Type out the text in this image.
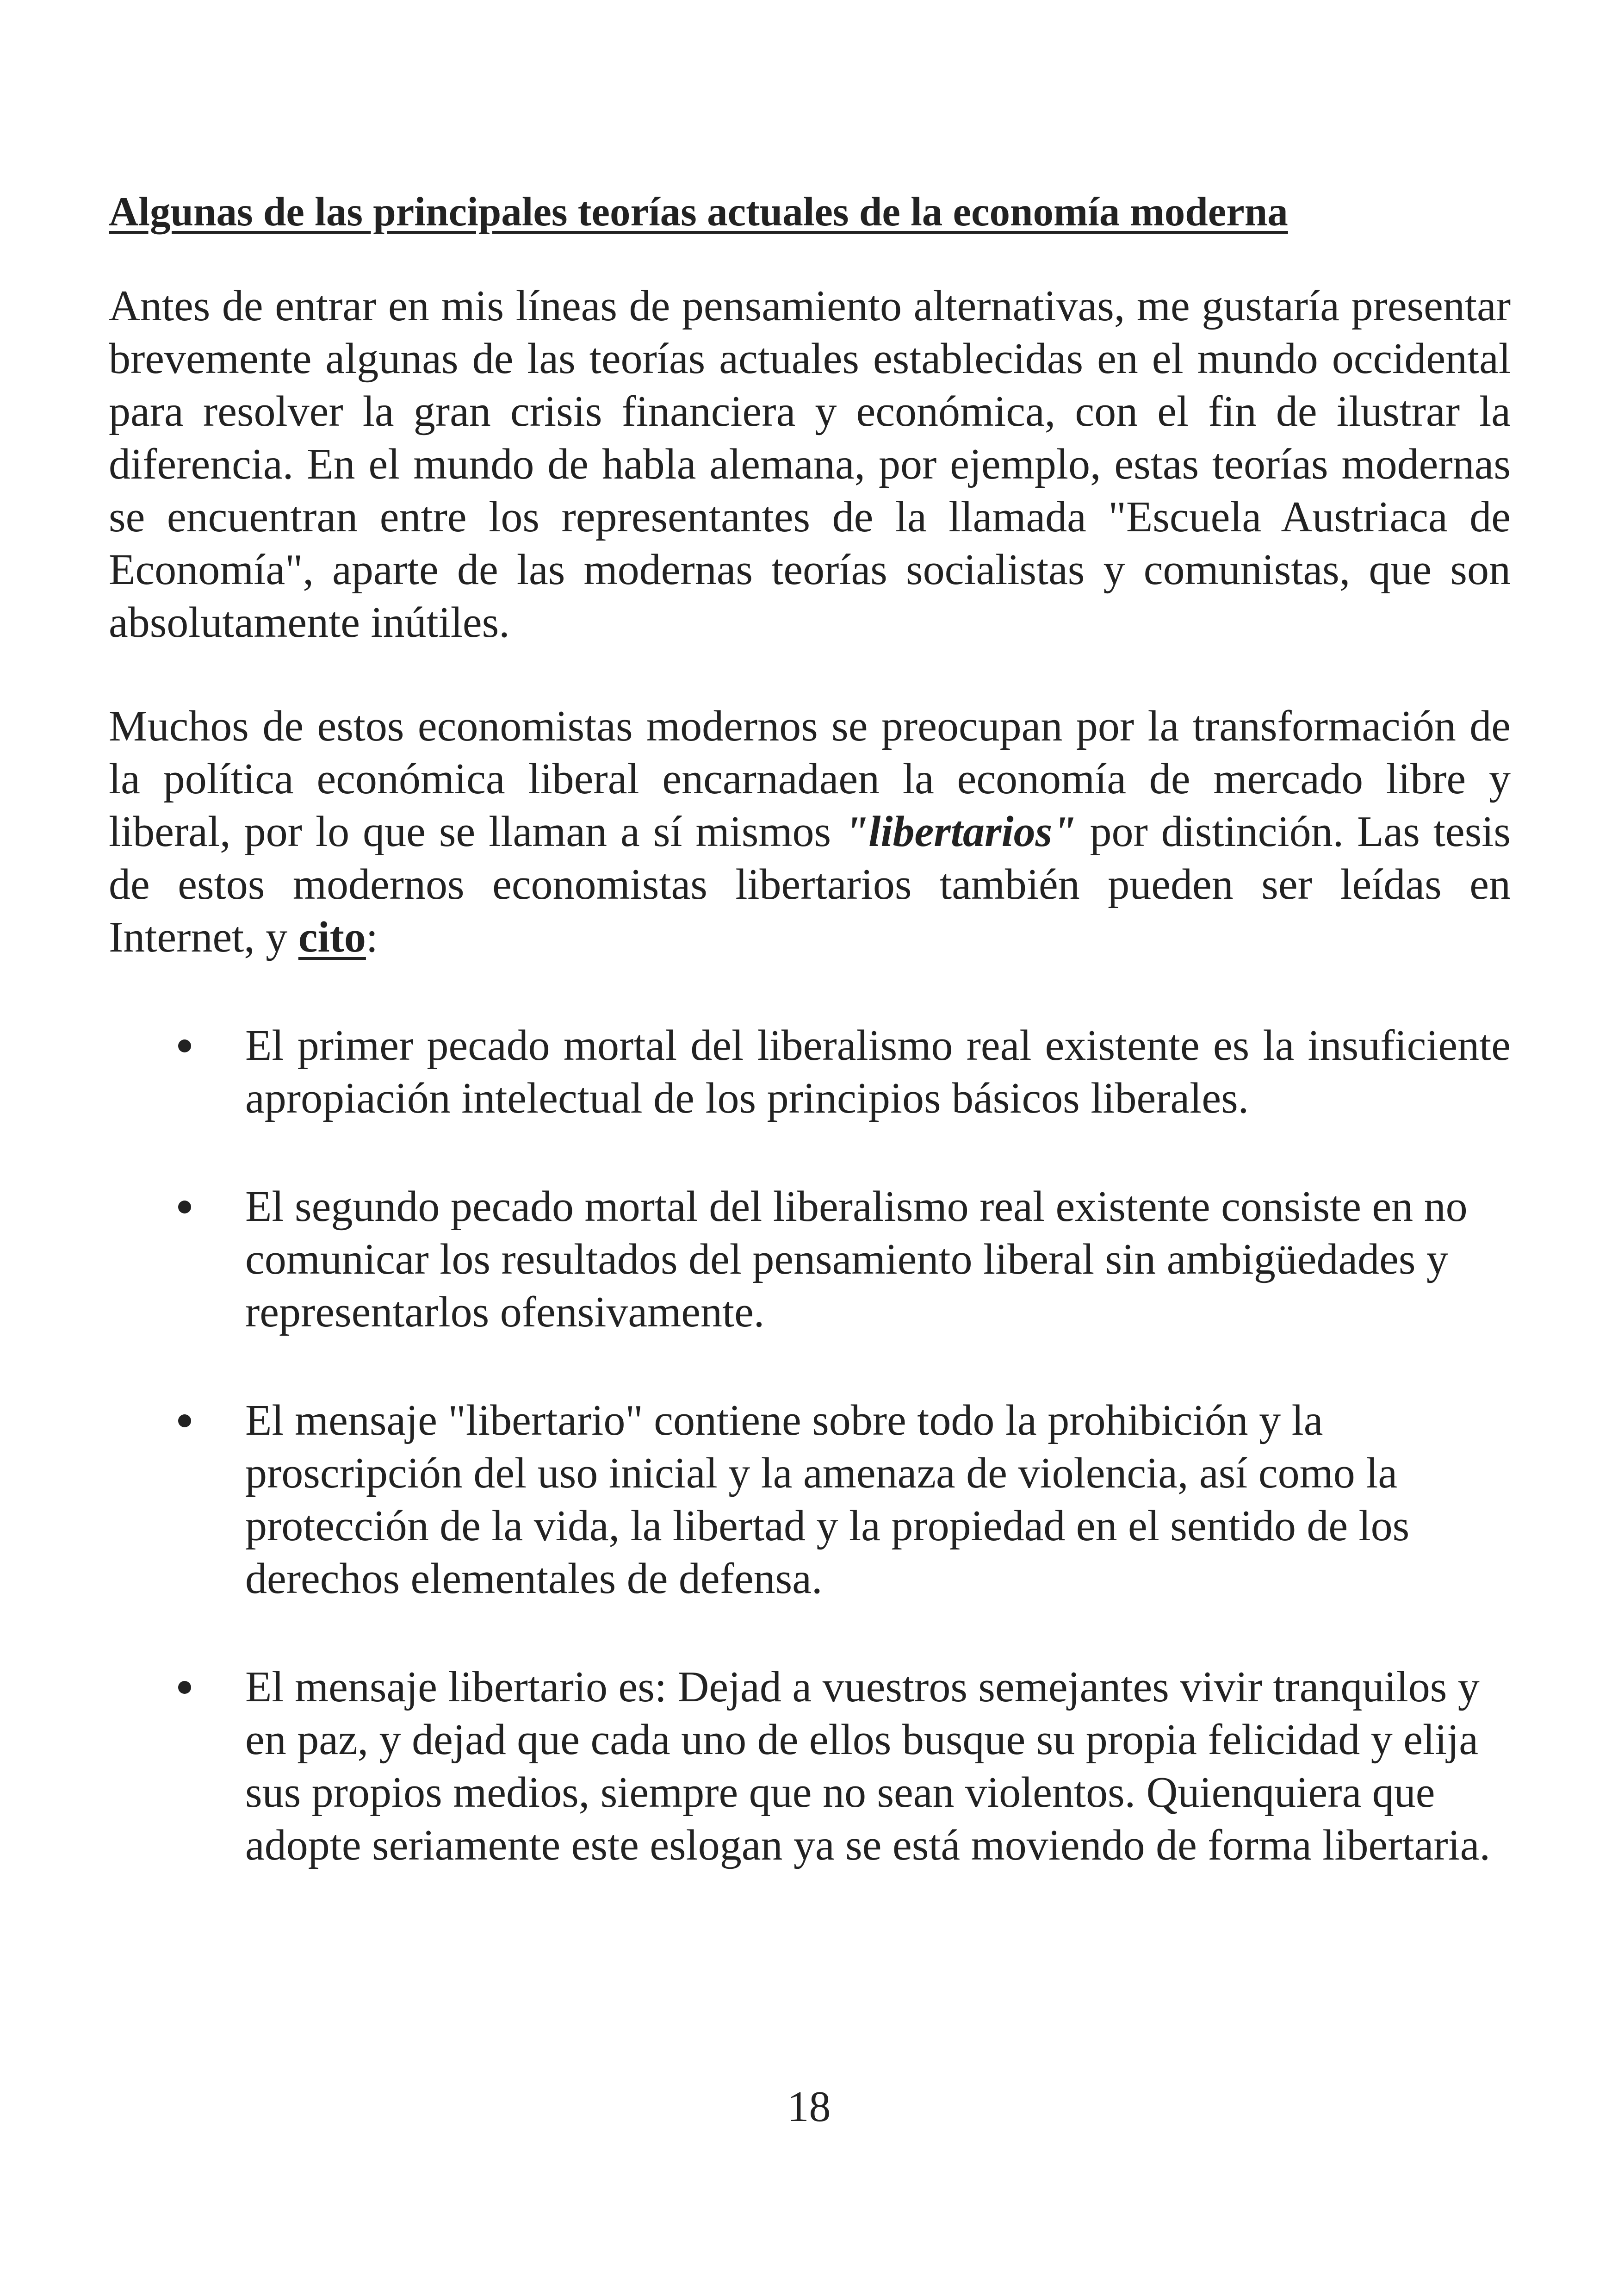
Algunas de las principales teorías actuales de la economía moderna

Antes de entrar en mis líneas de pensamiento alternativas, me gustaría presentar brevemente algunas de las teorías actuales establecidas en el mundo occidental para resolver la gran crisis financiera y económica, con el fin de ilustrar la diferencia. En el mundo de habla alemana, por ejemplo, estas teorías modernas se encuentran entre los representantes de la llamada "Escuela Austriaca de Economía", aparte de las modernas teorías socialistas y comunistas, que son absolutamente inútiles.

Muchos de estos economistas modernos se preocupan por la transformación de la política económica liberal encarnadaen la economía de mercado libre y liberal, por lo que se llaman a sí mismos "libertarios" por distinción. Las tesis de estos modernos economistas libertarios también pueden ser leídas en Internet, y cito:

El primer pecado mortal del liberalismo real existente es la insuficiente apropiación intelectual de los principios básicos liberales.
El segundo pecado mortal del liberalismo real existente consiste en no comunicar los resultados del pensamiento liberal sin ambigüedades y representarlos ofensivamente.
El mensaje "libertario" contiene sobre todo la prohibición y la proscripción del uso inicial y la amenaza de violencia, así como la protección de la vida, la libertad y la propiedad en el sentido de los derechos elementales de defensa.
El mensaje libertario es: Dejad a vuestros semejantes vivir tranquilos y en paz, y dejad que cada uno de ellos busque su propia felicidad y elija sus propios medios, siempre que no sean violentos. Quienquiera que adopte seriamente este eslogan ya se está moviendo de forma libertaria.
18
